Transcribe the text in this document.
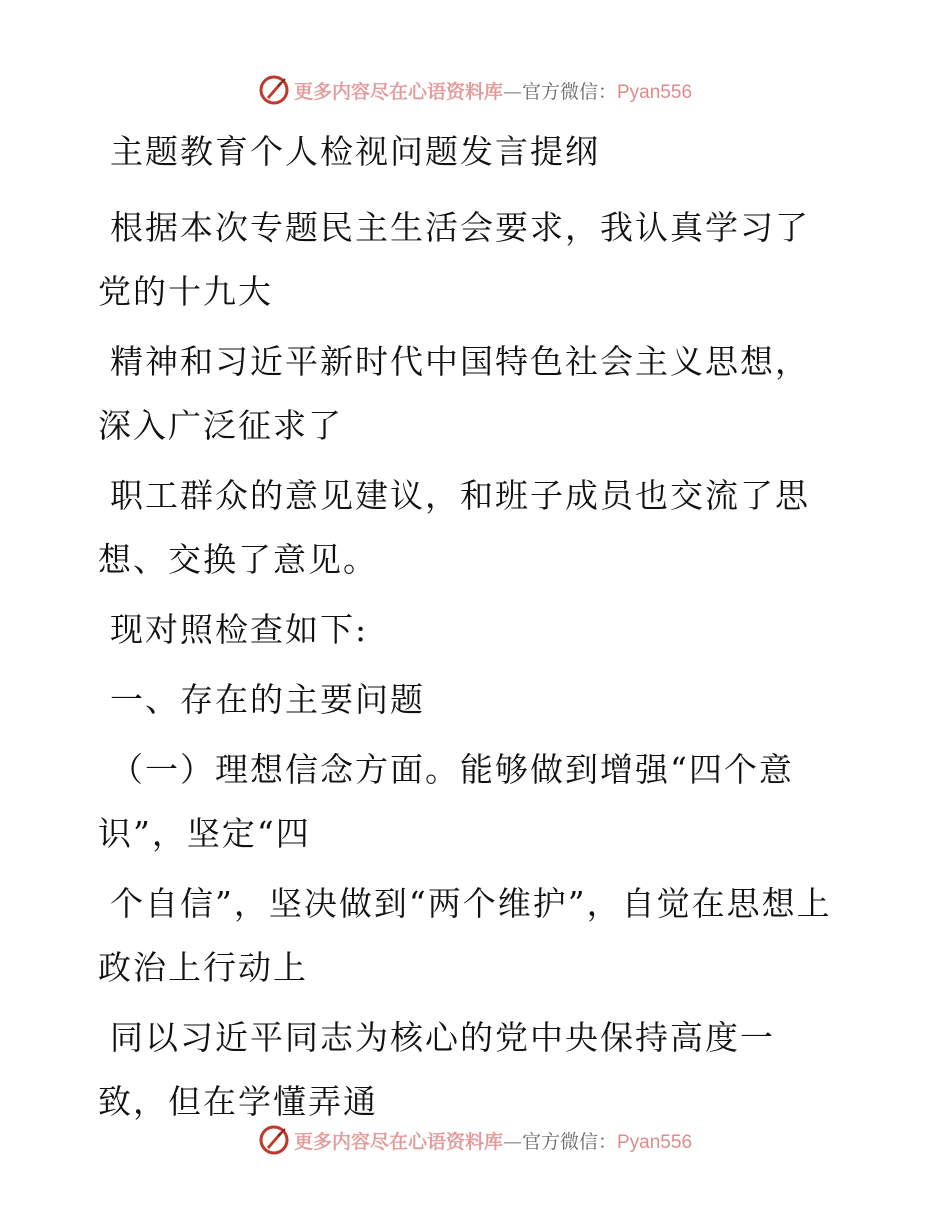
更多内容尽在心语资料库—官方微信：Pyan556

主题教育个人检视问题发言提纲

根据本次专题民主生活会要求，我认真学习了党的十九大

精神和习近平新时代中国特色社会主义思想，深入广泛征求了

职工群众的意见建议，和班子成员也交流了思想、交换了意见。

现对照检查如下:

一、存在的主要问题

（一）理想信念方面。能够做到增强“四个意识”，坚定“四

个自信”，坚决做到“两个维护”，自觉在思想上政治上行动上

同以习近平同志为核心的党中央保持高度一致，但在学懂弄通

更多内容尽在心语资料库—官方微信：Pyan556
